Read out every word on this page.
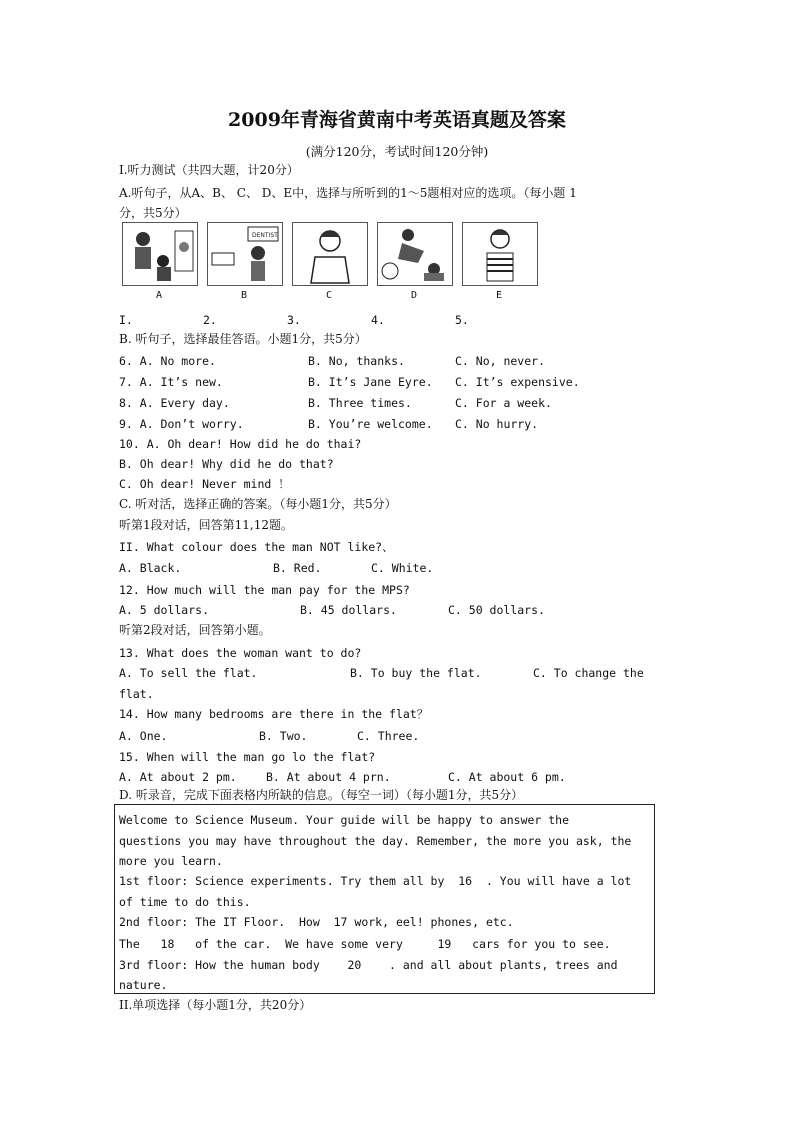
2009年青海省黄南中考英语真题及答案
(满分120分，考试时间120分钟)
I.听力测试（共四大题，计20分）
A.听句子，从A、B、 C、 D、E中，选择与所听到的1～5题相对应的选项。（每小题 1
分，共5分）
DENTIST
A	B	C	D	E
I.	2.	3.	4.	5.
B. 听句子，选择最佳答语。小题1分，共5分）
6. A. No more.	B. No, thanks.	C. No, never.
7. A. It’s new.	B. It’s Jane Eyre. C. It’s expensive.
8. A. Every day.	B. Three times.	C. For a week.
9. A. Don’t worry.	B. You’re welcome. C. No hurry.
10. A. Oh dear! How did he do thai?
B. Oh dear! Why did he do that?
C. Oh dear! Never mind ！
C. 听对活，选择正确的答案。（每小题1分，共5分）
听第1段对话，回答第11,12题。
II. What colour does the man NOT like?、
A. Black.	B. Red.	C. White.
12. How much will the man pay for the MPS?
A. 5 dollars.	B. 45 dollars.	C. 50 dollars.
听第2段对话，回答第小题。
13. What does the woman want to do?
A. To sell the flat.	B. To buy the flat.	C. To change the
flat.
14. How many bedrooms are there in the flat？
A. One.	B. Two.	C. Three.
15. When will the man go lo the flat?
A. At about 2 pm.	B. At about 4 prn.	C. At about 6 pm.
D. 听录音，完成下面表格内所缺的信息。（每空一词）（每小题1分，共5分）
Welcome to Science Museum. Your guide will be happy to answer the
questions you may have throughout the day. Remember, the more you ask, the
more you learn.
1st floor: Science experiments. Try them all by  16  . You will have a lot
of time to do this.
2nd floor: The IT Floor.  How  17 work, eel! phones, etc.
The   18   of the car.  We have some very     19   cars for you to see.
3rd floor: How the human body    20    . and all about plants, trees and
nature.
II.单项选择（每小题1分，共20分）
